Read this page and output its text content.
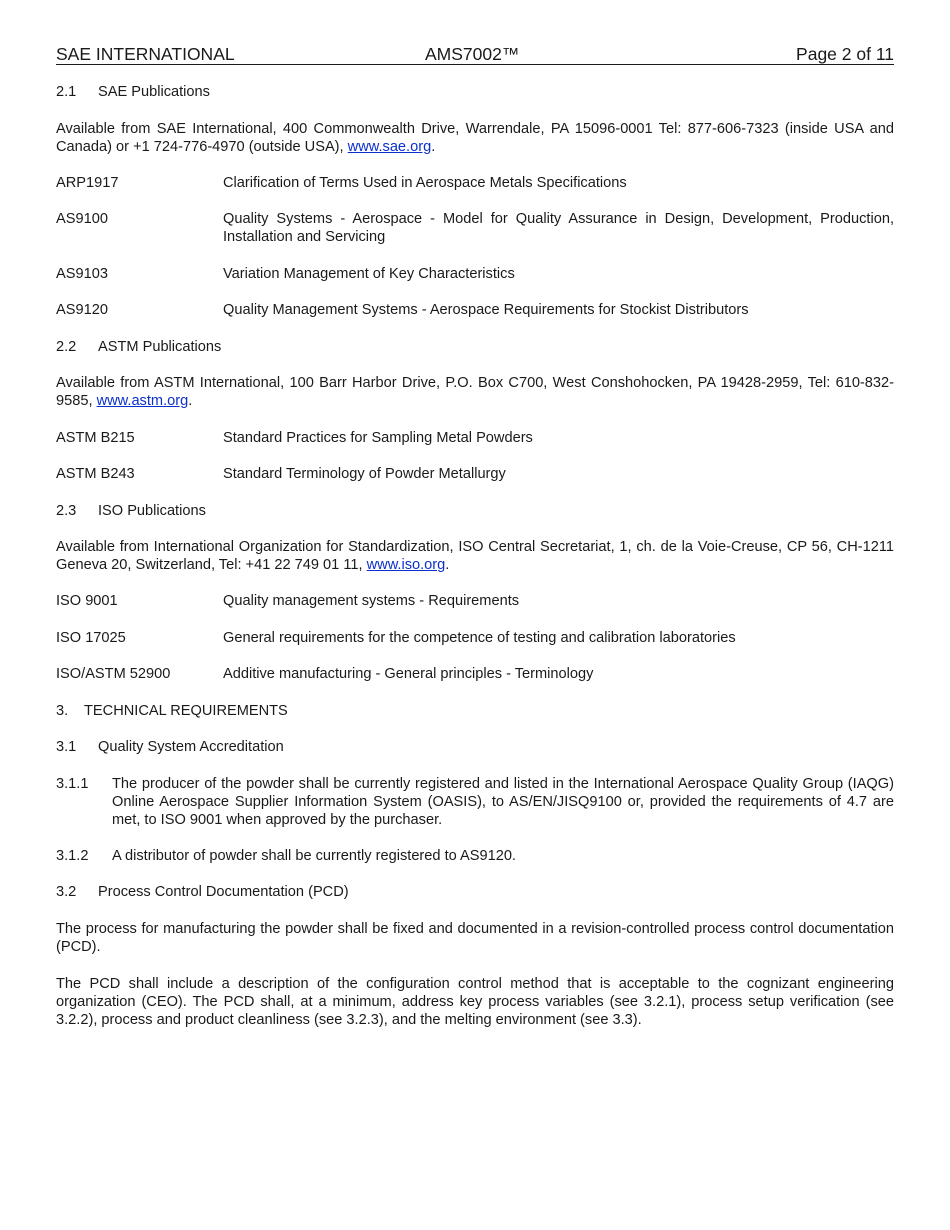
SAE INTERNATIONAL	AMS7002™	Page 2 of 11
2.1 SAE Publications
Available from SAE International, 400 Commonwealth Drive, Warrendale, PA 15096-0001 Tel: 877-606-7323 (inside USA and Canada) or +1 724-776-4970 (outside USA), www.sae.org.
ARP1917	Clarification of Terms Used in Aerospace Metals Specifications
AS9100	Quality Systems - Aerospace - Model for Quality Assurance in Design, Development, Production, Installation and Servicing
AS9103	Variation Management of Key Characteristics
AS9120	Quality Management Systems - Aerospace Requirements for Stockist Distributors
2.2 ASTM Publications
Available from ASTM International, 100 Barr Harbor Drive, P.O. Box C700, West Conshohocken, PA 19428-2959, Tel: 610-832-9585, www.astm.org.
ASTM B215	Standard Practices for Sampling Metal Powders
ASTM B243	Standard Terminology of Powder Metallurgy
2.3 ISO Publications
Available from International Organization for Standardization, ISO Central Secretariat, 1, ch. de la Voie-Creuse, CP 56, CH-1211 Geneva 20, Switzerland, Tel: +41 22 749 01 11, www.iso.org.
ISO 9001	Quality management systems - Requirements
ISO 17025	General requirements for the competence of testing and calibration laboratories
ISO/ASTM 52900	Additive manufacturing - General principles - Terminology
3. TECHNICAL REQUIREMENTS
3.1 Quality System Accreditation
3.1.1 The producer of the powder shall be currently registered and listed in the International Aerospace Quality Group (IAQG) Online Aerospace Supplier Information System (OASIS), to AS/EN/JISQ9100 or, provided the requirements of 4.7 are met, to ISO 9001 when approved by the purchaser.
3.1.2 A distributor of powder shall be currently registered to AS9120.
3.2 Process Control Documentation (PCD)
The process for manufacturing the powder shall be fixed and documented in a revision-controlled process control documentation (PCD).
The PCD shall include a description of the configuration control method that is acceptable to the cognizant engineering organization (CEO). The PCD shall, at a minimum, address key process variables (see 3.2.1), process setup verification (see 3.2.2), process and product cleanliness (see 3.2.3), and the melting environment (see 3.3).
